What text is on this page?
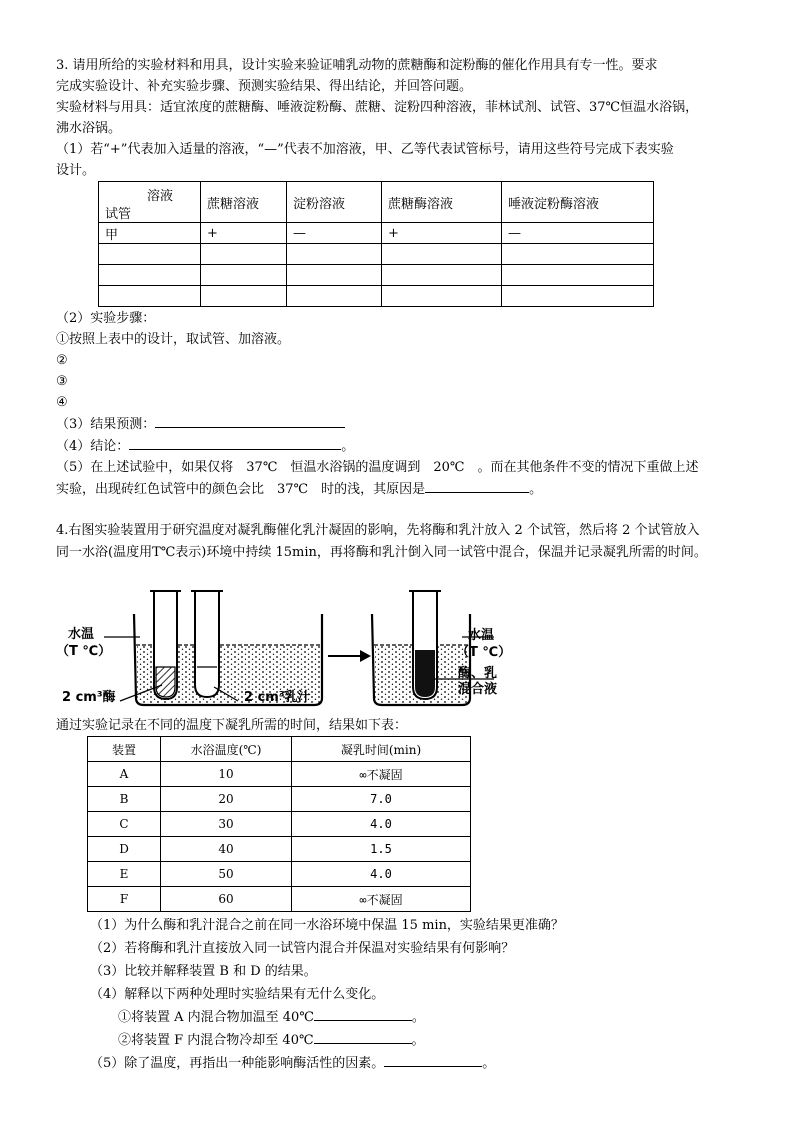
3. 请用所给的实验材料和用具，设计实验来验证哺乳动物的蔗糖酶和淀粉酶的催化作用具有专一性。要求

完成实验设计、补充实验步骤、预测实验结果、得出结论，并回答问题。

实验材料与用具：适宜浓度的蔗糖酶、唾液淀粉酶、蔗糖、淀粉四种溶液，菲林试剂、试管、37℃恒温水浴锅，

沸水浴锅。

（1）若“+”代表加入适量的溶液，“—”代表不加溶液，甲、乙等代表试管标号，请用这些符号完成下表实验

设计。

溶液
试管	蔗糖溶液	淀粉溶液	蔗糖酶溶液	唾液淀粉酶溶液
甲	+	—	+	—

（2）实验步骤：

①按照上表中的设计，取试管、加溶液。

②

③

④

（3）结果预测：

（4）结论：	。

（5）在上述试验中，如果仅将　37℃　恒温水浴锅的温度调到　20℃　。而在其他条件不变的情况下重做上述

实验，出现砖红色试管中的颜色会比　37℃　时的浅，其原因是	。

4.右图实验装置用于研究温度对凝乳酶催化乳汁凝固的影响，先将酶和乳汁放入 2 个试管，然后将 2 个试管放入

同一水浴(温度用T℃表示)环境中持续 15min，再将酶和乳汁倒入同一试管中混合，保温并记录凝乳所需的时间。

水温
（T ℃）
2 cm³酶	2 cm³乳汁
水温
（T ℃）
酶、乳
混合液

通过实验记录在不同的温度下凝乳所需的时间，结果如下表：

装置	水浴温度(℃)	凝乳时间(min)
A	10	∞不凝固
B	20	7.0
C	30	4.0
D	40	1.5
E	50	4.0
F	60	∞不凝固

（1）为什么酶和乳汁混合之前在同一水浴环境中保温 15 min，实验结果更准确？

（2）若将酶和乳汁直接放入同一试管内混合并保温对实验结果有何影响？

（3）比较并解释装置 B 和 D 的结果。

（4）解释以下两种处理时实验结果有无什么变化。

①将装置 A 内混合物加温至 40℃	。

②将装置 F 内混合物冷却至 40℃	。

（5）除了温度，再指出一种能影响酶活性的因素。	。
